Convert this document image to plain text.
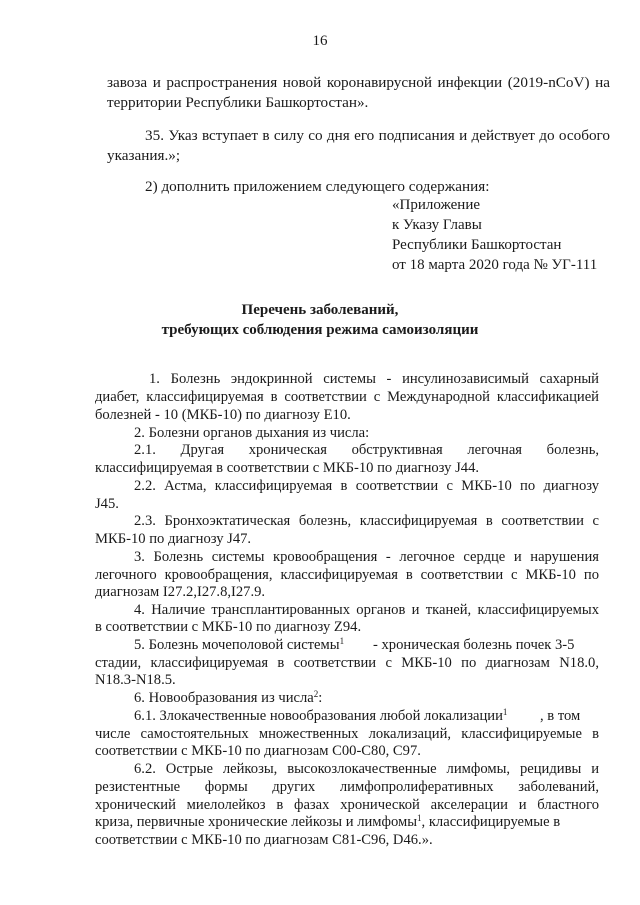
16
завоза и распространения новой коронавирусной инфекции (2019-nCoV) на
территории Республики Башкортостан».
35. Указ вступает в силу со дня его подписания и действует до особого
указания.»;
2) дополнить приложением следующего содержания:
«Приложение
к Указу Главы
Республики Башкортостан
от 18 марта 2020 года № УГ-111
Перечень заболеваний,
требующих соблюдения режима самоизоляции
1. Болезнь эндокринной системы - инсулинозависимый сахарный
диабет, классифицируемая в соответствии с Международной классификацией
болезней - 10 (МКБ-10) по диагнозу Е10.
2. Болезни органов дыхания из числа:
2.1. Другая хроническая обструктивная легочная болезнь,
классифицируемая в соответствии с МКБ-10 по диагнозу J44.
2.2. Астма, классифицируемая в соответствии с МКБ-10 по диагнозу
J45.
2.3. Бронхоэктатическая болезнь, классифицируемая в соответствии с
МКБ-10 по диагнозу J47.
3. Болезнь системы кровообращения - легочное сердце и нарушения
легочного кровообращения, классифицируемая в соответствии с МКБ-10 по
диагнозам I27.2,I27.8,I27.9.
4. Наличие трансплантированных органов и тканей, классифицируемых
в соответствии с МКБ-10 по диагнозу Z94.
5. Болезнь мочеполовой системы$^1$ - хроническая болезнь почек 3-5
стадии, классифицируемая в соответствии с МКБ-10 по диагнозам N18.0,
N18.3-N18.5.
6. Новообразования из числа$^2$:
6.1. Злокачественные новообразования любой локализации$^1$ , в том
числе самостоятельных множественных локализаций, классифицируемые в
соответствии с МКБ-10 по диагнозам С00-С80, С97.
6.2. Острые лейкозы, высокозлокачественные лимфомы, рецидивы и
резистентные формы других лимфопролиферативных заболеваний,
хронический миелолейкоз в фазах хронической акселерации и бластного
криза, первичные хронические лейкозы и лимфомы$^1$, классифицируемые в
соответствии с МКБ-10 по диагнозам С81-С96, D46.».
